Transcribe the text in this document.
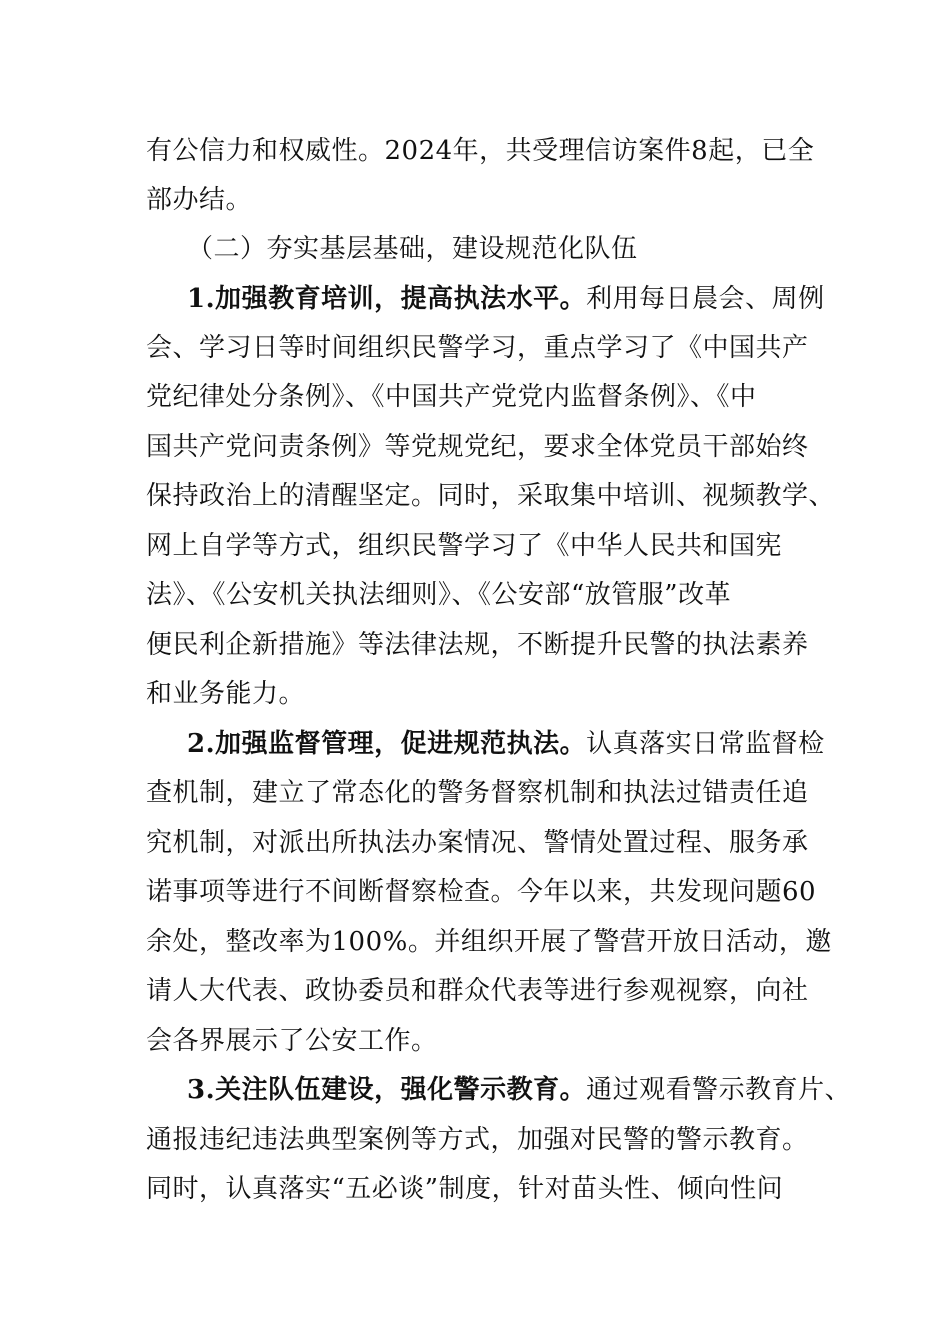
有公信力和权威性。2024年，共受理信访案件8起，已全
部办结。
（二）夯实基层基础，建设规范化队伍
1.加强教育培训，提高执法水平。利用每日晨会、周例
会、学习日等时间组织民警学习，重点学习了《中国共产
党纪律处分条例》、《中国共产党党内监督条例》、《中
国共产党问责条例》等党规党纪，要求全体党员干部始终
保持政治上的清醒坚定。同时，采取集中培训、视频教学、
网上自学等方式，组织民警学习了《中华人民共和国宪
法》、《公安机关执法细则》、《公安部“放管服”改革
便民利企新措施》等法律法规，不断提升民警的执法素养
和业务能力。
2.加强监督管理，促进规范执法。认真落实日常监督检
查机制，建立了常态化的警务督察机制和执法过错责任追
究机制，对派出所执法办案情况、警情处置过程、服务承
诺事项等进行不间断督察检查。今年以来，共发现问题60
余处，整改率为100%。并组织开展了警营开放日活动，邀
请人大代表、政协委员和群众代表等进行参观视察，向社
会各界展示了公安工作。
3.关注队伍建设，强化警示教育。通过观看警示教育片、
通报违纪违法典型案例等方式，加强对民警的警示教育。
同时，认真落实“五必谈”制度，针对苗头性、倾向性问
